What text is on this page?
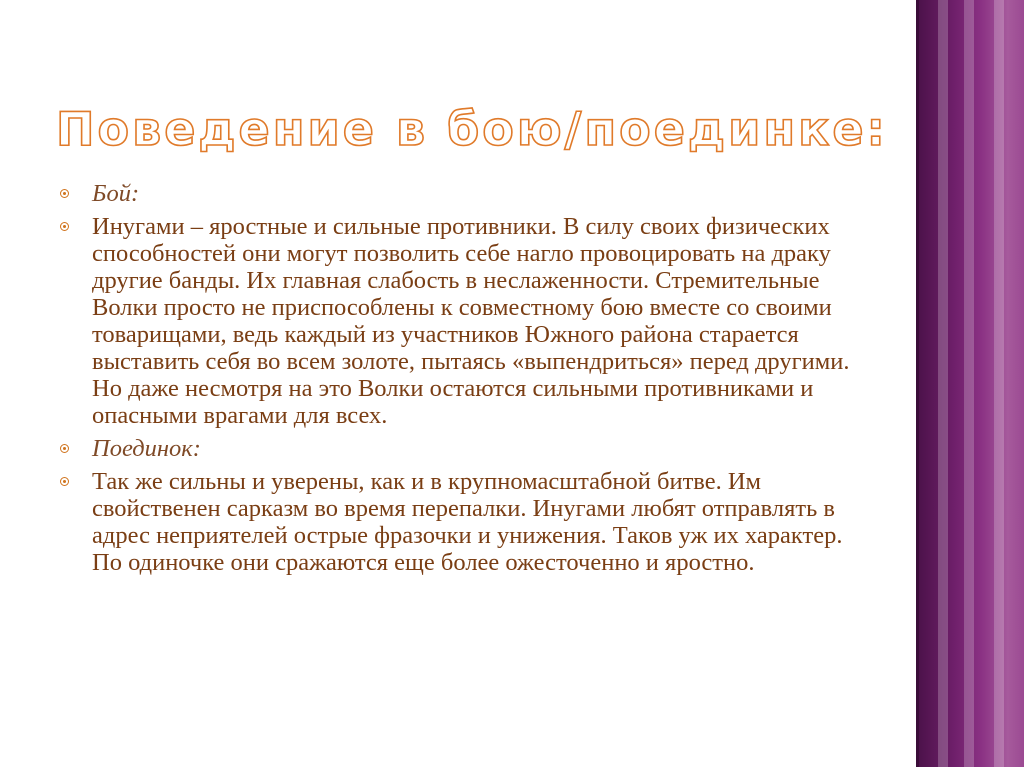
Поведение в бою/поединке:
Бой:
Инугами – яростные и сильные противники. В силу своих физических способностей они могут позволить себе нагло провоцировать на драку другие банды. Их главная слабость в неслаженности. Стремительные Волки просто не приспособлены к совместному бою вместе со своими товарищами, ведь каждый из участников Южного района старается выставить себя во всем золоте, пытаясь «выпендриться» перед другими. Но даже несмотря на это Волки остаются сильными противниками и опасными врагами для всех.
Поединок:
Так же сильны и уверены, как и в крупномасштабной битве. Им свойственен сарказм во время перепалки. Инугами любят отправлять в адрес неприятелей острые фразочки и унижения. Таков уж их характер. По одиночке они сражаются еще более ожесточенно и яростно.
